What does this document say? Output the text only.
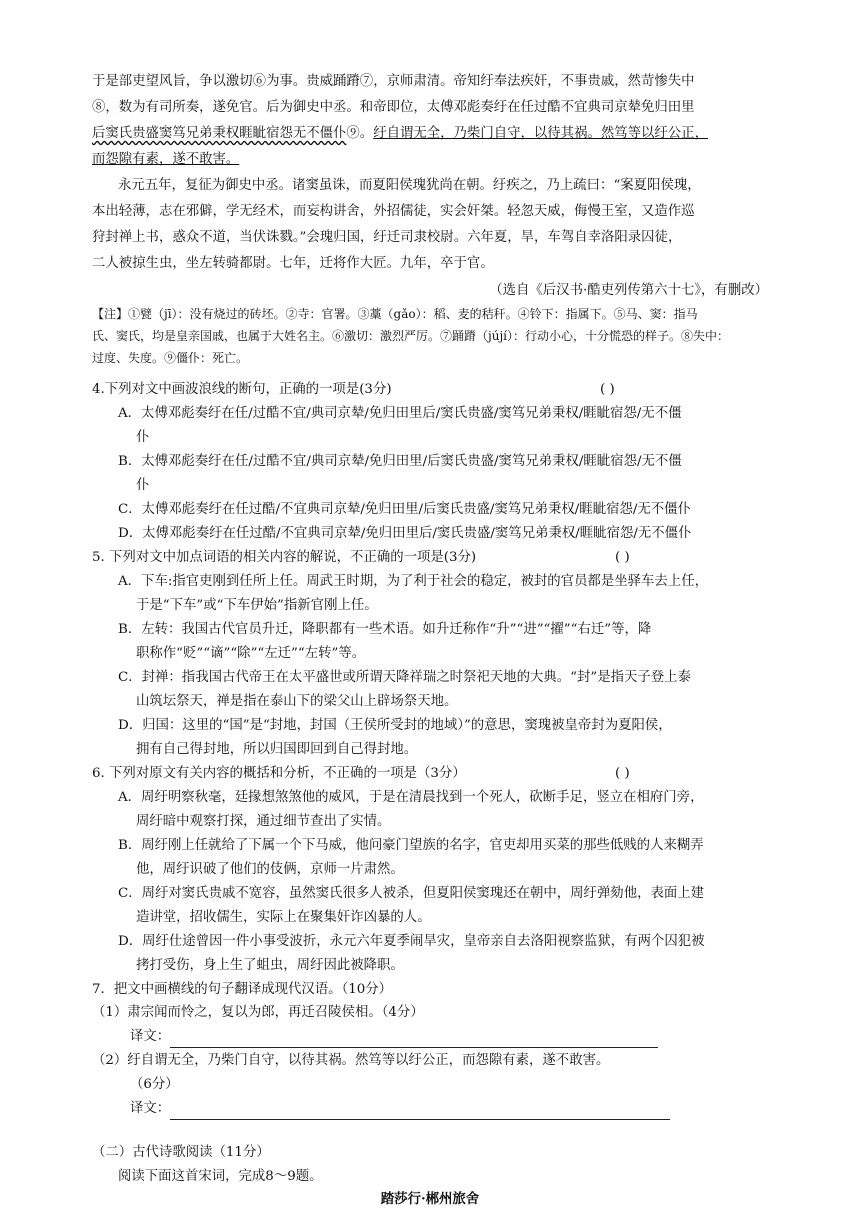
于是部吏望风旨，争以激切⑥为事。贵威踊蹐⑦，京师肃清。帝知纡奉法疾奸，不事贵戚，然苛惨失中
⑧，数为有司所奏，遂免官。后为御史中丞。和帝即位，太傅邓彪奏纡在任过酷不宜典司京辇免归田里
后窦氏贵盛窦笃兄弟秉权睚眦宿怨无不僵仆⑨。纡自谓无全，乃柴门自守，以待其祸。然笃等以纡公正，
而怨隙有素，遂不敢害。
永元五年，复征为御史中丞。诸窦虽诛，而夏阳侯瑰犹尚在朝。纡疾之，乃上疏曰：“案夏阳侯瑰，
本出轻薄，志在邪僻，学无经术，而妄构讲舍，外招儒徒，实会奸桀。轻忽天威，侮慢王室，又造作巡
狩封禅上书，惑众不道，当伏诛戮。”会瑰归国，纡迁司隶校尉。六年夏，旱，车驾自幸洛阳录囚徒，
二人被掠生虫，坐左转骑都尉。七年，迁将作大匠。九年，卒于官。
（选自《后汉书·酷吏列传第六十七》，有删改）
【注】①甓（jī）：没有烧过的砖坯。②寺：官署。③藁（gǎo）：稻、麦的秸秆。④铃下：指属下。⑤马、窦：指马
氏、窦氏，均是皇亲国戚，也属于大姓名主。⑥激切：激烈严厉。⑦踊蹐（jújí）：行动小心，十分慌恐的样子。⑧失中：
过度、失度。⑨僵仆：死亡。
4.下列对文中画波浪线的断句，正确的一项是(3分)	( )
A．太傅邓彪奏纡在任/过酷不宜/典司京辇/免归田里后/窦氏贵盛/窦笃兄弟秉权/睚眦宿怨/无不僵
仆
B．太傅邓彪奏纡在任/过酷不宜/典司京辇/免归田里/后窦氏贵盛/窦笃兄弟秉权/睚眦宿怨/无不僵
仆
C．太傅邓彪奏纡在任过酷/不宜典司京辇/免归田里/后窦氏贵盛/窦笃兄弟秉权/睚眦宿怨/无不僵仆
D．太傅邓彪奏纡在任过酷/不宜典司京辇/免归田里后/窦氏贵盛/窦笃兄弟秉权/睚眦宿怨/无不僵仆
5. 下列对文中加点词语的相关内容的解说，不正确的一项是(3分)	( )
A．下车:指官吏刚到任所上任。周武王时期，为了利于社会的稳定，被封的官员都是坐驿车去上任，
于是“下车”或“下车伊始”指新官刚上任。
B．左转：我国古代官员升迁，降职都有一些术语。如升迁称作“升”“进”“擢”“右迁”等，降
职称作“贬”“谪”“除”“左迁”“左转”等。
C．封禅：指我国古代帝王在太平盛世或所谓天降祥瑞之时祭祀天地的大典。“封”是指天子登上泰
山筑坛祭天，禅是指在泰山下的梁父山上辟场祭天地。
D．归国：这里的“国”是“封地，封国（王侯所受封的地域）”的意思，窦瑰被皇帝封为夏阳侯，
拥有自己得封地，所以归国即回到自己得封地。
6. 下列对原文有关内容的概括和分析，不正确的一项是（3分）	( )
A．周纡明察秋毫，廷掾想煞煞他的威风，于是在清晨找到一个死人，砍断手足，竖立在相府门旁，
周纡暗中观察打探，通过细节查出了实情。
B．周纡刚上任就给了下属一个下马威，他问豪门望族的名字，官吏却用买菜的那些低贱的人来糊弄
他，周纡识破了他们的伎俩，京师一片肃然。
C．周纡对窦氏贵戚不宽容，虽然窦氏很多人被杀，但夏阳侯窦瑰还在朝中，周纡弹劾他，表面上建
造讲堂，招收儒生，实际上在聚集奸诈凶暴的人。
D．周纡仕途曾因一件小事受波折，永元六年夏季闹旱灾，皇帝亲自去洛阳视察监狱，有两个囚犯被
拷打受伤，身上生了蛆虫，周纡因此被降职。
7．把文中画横线的句子翻译成现代汉语。（10分）
（1）肃宗闻而怜之，复以为郎，再迁召陵侯相。（4分）
译文：
（2）纡自谓无全，乃柴门自守，以待其祸。然笃等以纡公正，而怨隙有素，遂不敢害。
（6分）
译文：
（二）古代诗歌阅读（11分）
阅读下面这首宋词，完成8～9题。
踏莎行·郴州旅舍
